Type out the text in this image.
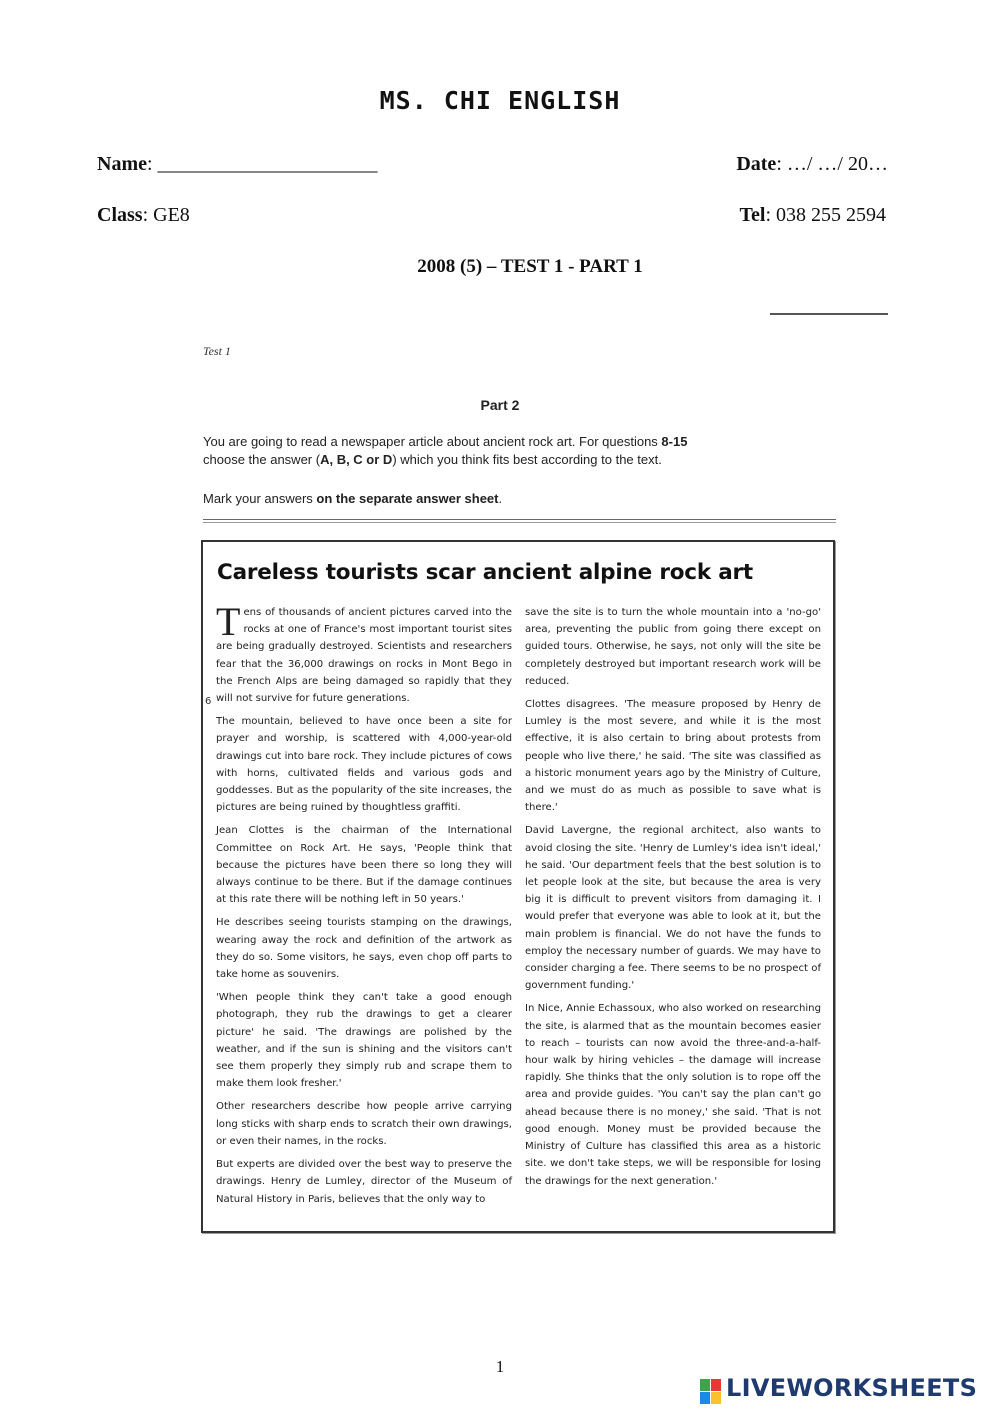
MS. CHI ENGLISH
Name: ______________________	Date: …/ …/ 20…
Class: GE8	Tel: 038 255 2594
2008 (5) – TEST 1 - PART 1
Test 1
Part 2
You are going to read a newspaper article about ancient rock art. For questions 8-15
choose the answer (A, B, C or D) which you think fits best according to the text.
Mark your answers on the separate answer sheet.
Careless tourists scar ancient alpine rock art
6

Tens of thousands of ancient pictures carved into the rocks at one of France's most important tourist sites are being gradually destroyed. Scientists and researchers fear that the 36,000 drawings on rocks in Mont Bego in the French Alps are being damaged so rapidly that they will not survive for future generations.

The mountain, believed to have once been a site for prayer and worship, is scattered with 4,000-year-old drawings cut into bare rock. They include pictures of cows with horns, cultivated fields and various gods and goddesses. But as the popularity of the site increases, the pictures are being ruined by thoughtless graffiti.

Jean Clottes is the chairman of the International Committee on Rock Art. He says, 'People think that because the pictures have been there so long they will always continue to be there. But if the damage continues at this rate there will be nothing left in 50 years.'

He describes seeing tourists stamping on the drawings, wearing away the rock and definition of the artwork as they do so. Some visitors, he says, even chop off parts to take home as souvenirs.

'When people think they can't take a good enough photograph, they rub the drawings to get a clearer picture' he said. 'The drawings are polished by the weather, and if the sun is shining and the visitors can't see them properly they simply rub and scrape them to make them look fresher.'

Other researchers describe how people arrive carrying long sticks with sharp ends to scratch their own drawings, or even their names, in the rocks.

But experts are divided over the best way to preserve the drawings. Henry de Lumley, director of the Museum of Natural History in Paris, believes that the only way to

save the site is to turn the whole mountain into a 'no-go' area, preventing the public from going there except on guided tours. Otherwise, he says, not only will the site be completely destroyed but important research work will be reduced.

Clottes disagrees. 'The measure proposed by Henry de Lumley is the most severe, and while it is the most effective, it is also certain to bring about protests from people who live there,' he said. 'The site was classified as a historic monument years ago by the Ministry of Culture, and we must do as much as possible to save what is there.'

David Lavergne, the regional architect, also wants to avoid closing the site. 'Henry de Lumley's idea isn't ideal,' he said. 'Our department feels that the best solution is to let people look at the site, but because the area is very big it is difficult to prevent visitors from damaging it. I would prefer that everyone was able to look at it, but the main problem is financial. We do not have the funds to employ the necessary number of guards. We may have to consider charging a fee. There seems to be no prospect of government funding.'

In Nice, Annie Echassoux, who also worked on researching the site, is alarmed that as the mountain becomes easier to reach – tourists can now avoid the three-and-a-half-hour walk by hiring vehicles – the damage will increase rapidly. She thinks that the only solution is to rope off the area and provide guides. 'You can't say the plan can't go ahead because there is no money,' she said. 'That is not good enough. Money must be provided because the Ministry of Culture has classified this area as a historic site. we don't take steps, we will be responsible for losing the drawings for the next generation.'

1
LIVEWORKSHEETS
